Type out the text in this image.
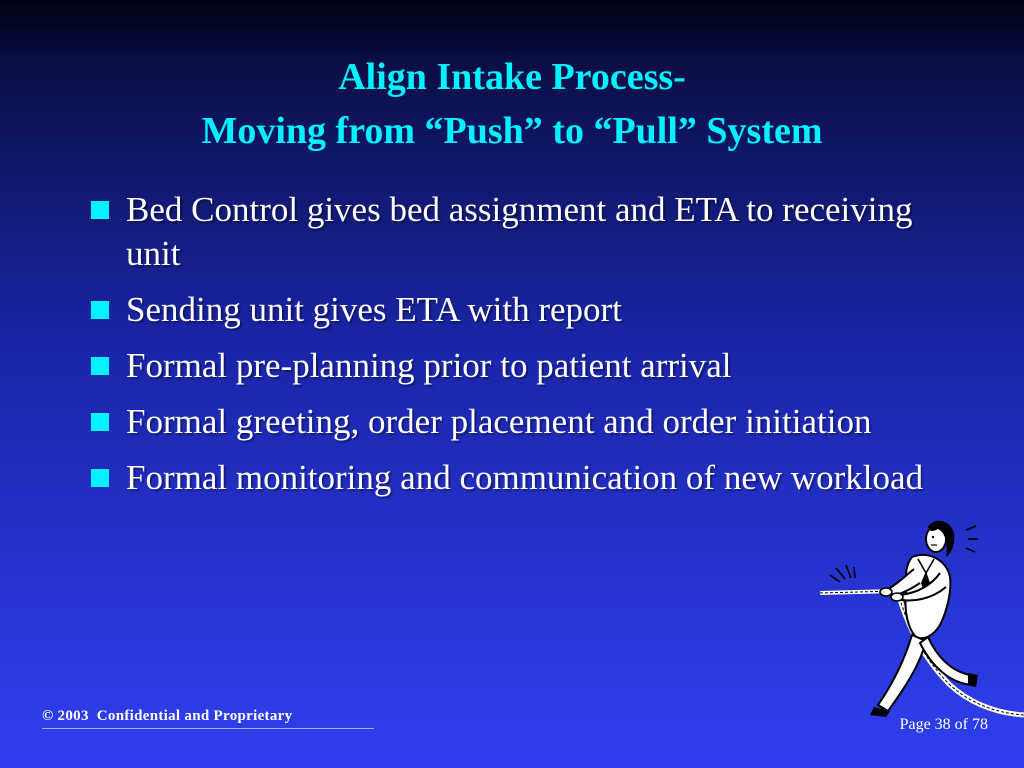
Align Intake Process-
Moving from “Push” to “Pull” System
Bed Control gives bed assignment and ETA to receiving unit
Sending unit gives ETA with report
Formal pre-planning prior to patient arrival
Formal greeting, order placement and order initiation
Formal monitoring and communication of new workload
© 2003 Confidential and Proprietary	Page 38 of 78
